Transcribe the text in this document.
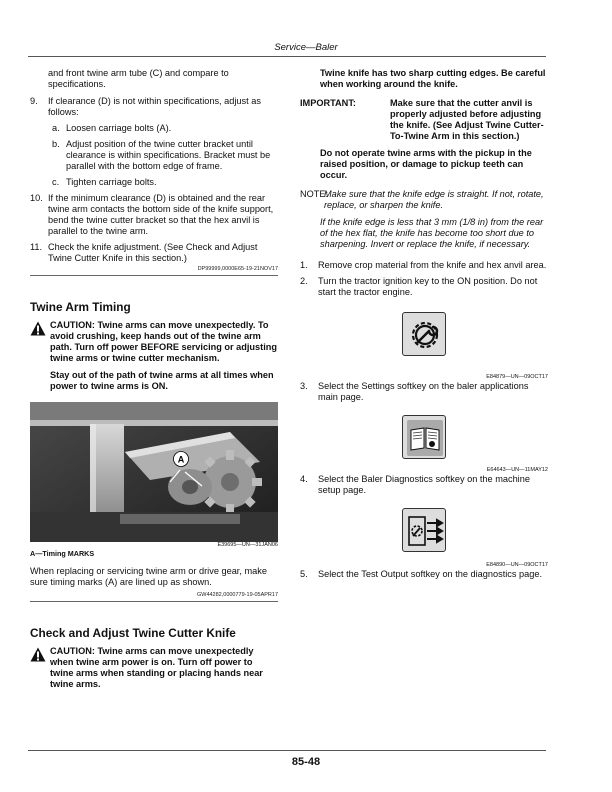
Service—Baler

and front twine arm tube (C) and compare to specifications.

9. If clearance (D) is not within specifications, adjust as follows:
a. Loosen carriage bolts (A).
b. Adjust position of the twine cutter bracket until clearance is within specifications. Bracket must be parallel with the bottom edge of frame.
c. Tighten carriage bolts.
10. If the minimum clearance (D) is obtained and the rear twine arm contacts the bottom side of the knife support, bend the twine cutter bracket so that the hex anvil is parallel to the twine arm.
11. Check the knife adjustment. (See Check and Adjust Twine Cutter Knife in this section.)
DP99999,0000E65-19-21NOV17
Twine Arm Timing

CAUTION: Twine arms can move unexpectedly. To avoid crushing, keep hands out of the twine arm path. Turn off power BEFORE servicing or adjusting twine arms or twine cutter mechanism.

Stay out of the path of twine arms at all times when power to twine arms is ON.

A
E39695—UN—31JAN06
A—Timing MARKS

When replacing or servicing twine arm or drive gear, make sure timing marks (A) are lined up as shown.

GW44282,0000779-19-05APR17
Check and Adjust Twine Cutter Knife

CAUTION: Twine arms can move unexpectedly when twine arm power is on. Turn off power to twine arms when standing or placing hands near twine arms.

Twine knife has two sharp cutting edges. Be careful when working around the knife.

IMPORTANT:	Make sure that the cutter anvil is properly adjusted before adjusting the knife. (See Adjust Twine Cutter-To-Twine Arm in this section.)

Do not operate twine arms with the pickup in the raised position, or damage to pickup teeth can occur.

NOTE:

Make sure that the knife edge is straight. If not, rotate, replace, or sharpen the knife.

If the knife edge is less that 3 mm (1/8 in) from the rear of the hex flat, the knife has become too short due to sharpening. Invert or replace the knife, if necessary.

1. Remove crop material from the knife and hex anvil area.
2. Turn the tractor ignition key to the ON position. Do not start the tractor engine.
E84879—UN—09OCT17
3. Select the Settings softkey on the baler applications main page.
E64643—UN—11MAY12
4. Select the Baler Diagnostics softkey on the machine setup page.
E84890—UN—09OCT17
5. Select the Test Output softkey on the diagnostics page.
85-48
